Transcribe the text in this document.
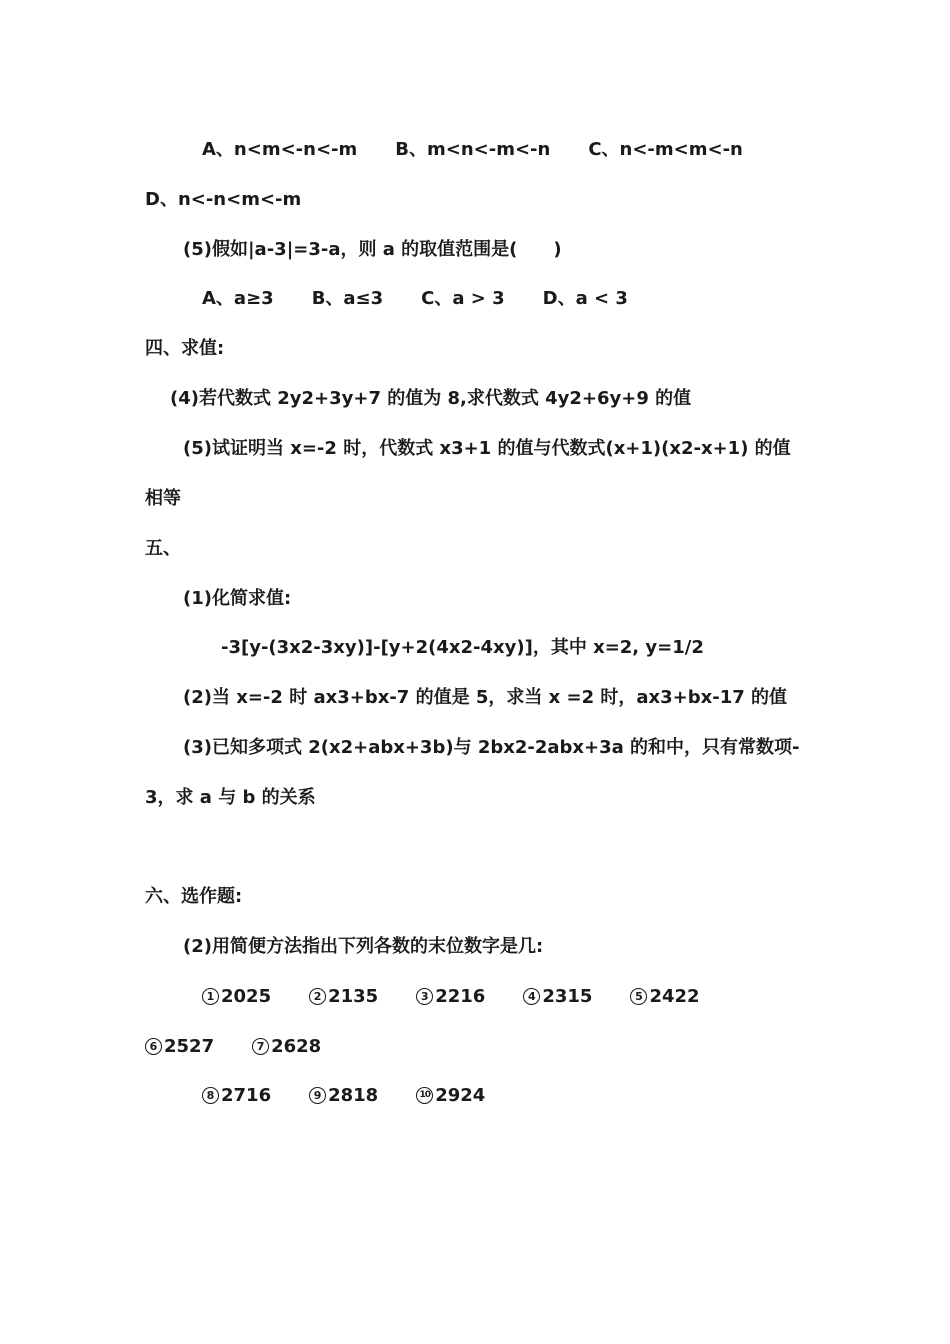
A、n<m<-n<-m B、m<n<-m<-n C、n<-m<m<-n
D、n<-n<m<-m
(5)假如|a-3|=3-a，则 a 的取值范围是(　　)
A、a≥3 B、a≤3 C、a > 3 D、a < 3
四、求值:
(4)若代数式 2y2+3y+7 的值为 8,求代数式 4y2+6y+9 的值
(5)试证明当 x=-2 时，代数式 x3+1 的值与代数式(x+1)(x2-x+1) 的值
相等
五、
(1)化简求值:
-3[y-(3x2-3xy)]-[y+2(4x2-4xy)]，其中 x=2, y=1/2
(2)当 x=-2 时 ax3+bx-7 的值是 5，求当 x =2 时，ax3+bx-17 的值
(3)已知多项式 2(x2+abx+3b)与 2bx2-2abx+3a 的和中，只有常数项-
3，求 a 与 b 的关系
六、选作题:
(2)用简便方法指出下列各数的末位数字是几:
1 2025	2 2135	3 2216	4 2315	5 2422
6 2527	7 2628
8 2716	9 2818	10 2924
